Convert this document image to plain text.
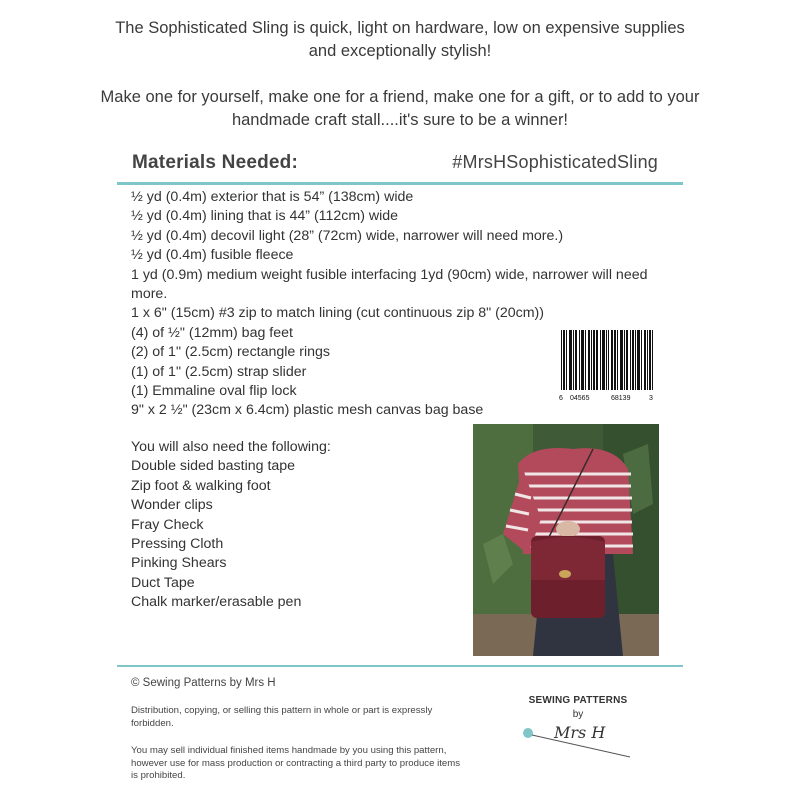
The Sophisticated Sling is quick, light on hardware, low on expensive supplies and exceptionally stylish!

Make one for yourself, make one for a friend, make one for a gift, or to add to your handmade craft stall....it's sure to be a winner!

Materials Needed:	#MrsHSophisticatedSling
½ yd (0.4m) exterior that is 54” (138cm) wide
½ yd (0.4m) lining that is 44” (112cm) wide
½ yd (0.4m) decovil light (28” (72cm) wide, narrower will need more.)
½ yd (0.4m) fusible fleece
1 yd (0.9m) medium weight fusible interfacing 1yd (90cm) wide, narrower will need more.
1 x 6" (15cm) #3 zip to match lining (cut continuous zip 8" (20cm))
(4) of ½" (12mm) bag feet
(2) of 1" (2.5cm) rectangle rings
(1) of 1" (2.5cm) strap slider
(1) Emmaline oval flip lock
9" x 2 ½" (23cm x 6.4cm) plastic mesh canvas bag base
6 04565	68139	3
You will also need the following:
Double sided basting tape
Zip foot & walking foot
Wonder clips
Fray Check
Pressing Cloth
Pinking Shears
Duct Tape
Chalk marker/erasable pen
© Sewing Patterns by Mrs H
Distribution, copying, or selling this pattern in whole or part is expressly forbidden.
You may sell individual finished items handmade by you using this pattern, however use for mass production or contracting a third party to produce items is prohibited.
SEWING PATTERNS
by
Mrs H
